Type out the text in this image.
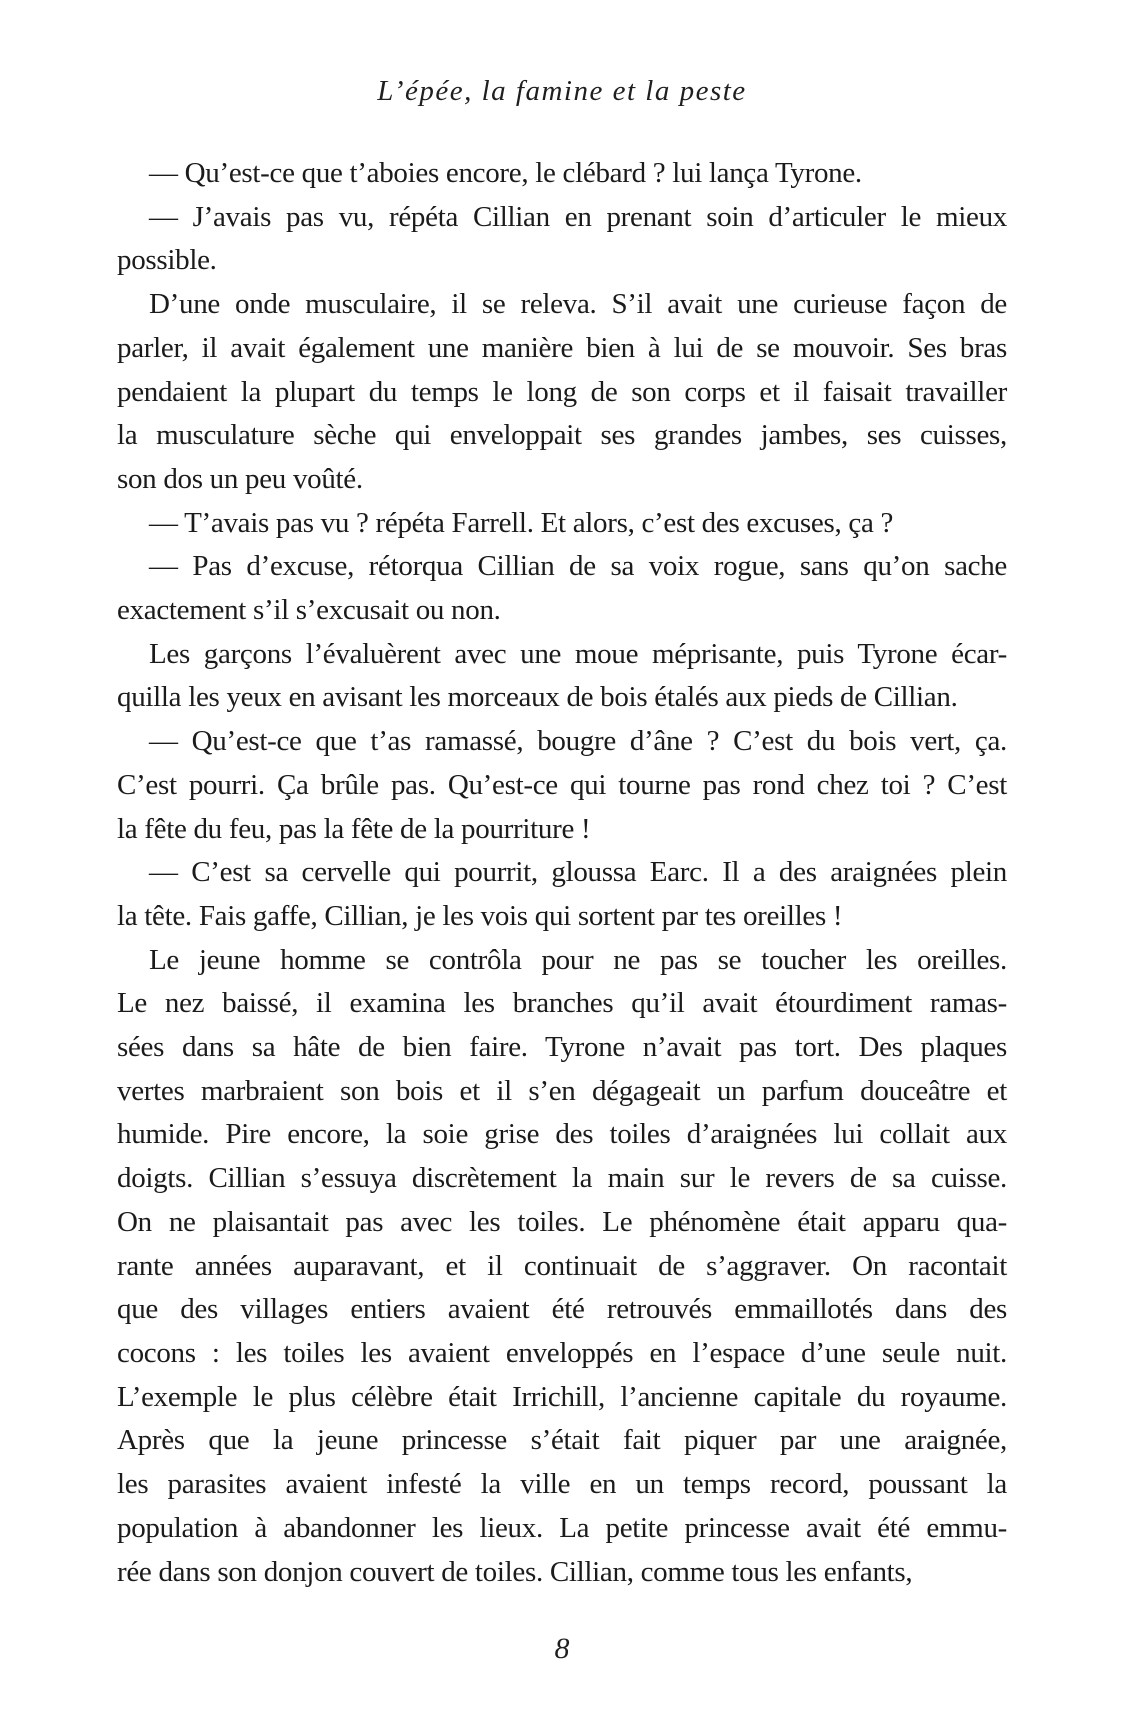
L’épée, la famine et la peste

— Qu’est-ce que t’aboies encore, le clébard ? lui lança Tyrone.

— J’avais pas vu, répéta Cillian en prenant soin d’articuler le mieux
possible.

D’une onde musculaire, il se releva. S’il avait une curieuse façon de
parler, il avait également une manière bien à lui de se mouvoir. Ses bras
pendaient la plupart du temps le long de son corps et il faisait travailler
la musculature sèche qui enveloppait ses grandes jambes, ses cuisses,
son dos un peu voûté.

— T’avais pas vu ? répéta Farrell. Et alors, c’est des excuses, ça ?

— Pas d’excuse, rétorqua Cillian de sa voix rogue, sans qu’on sache
exactement s’il s’excusait ou non.

Les garçons l’évaluèrent avec une moue méprisante, puis Tyrone écar-
quilla les yeux en avisant les morceaux de bois étalés aux pieds de Cillian.

— Qu’est-ce que t’as ramassé, bougre d’âne ? C’est du bois vert, ça.
C’est pourri. Ça brûle pas. Qu’est-ce qui tourne pas rond chez toi ? C’est
la fête du feu, pas la fête de la pourriture !

— C’est sa cervelle qui pourrit, gloussa Earc. Il a des araignées plein
la tête. Fais gaffe, Cillian, je les vois qui sortent par tes oreilles !

Le jeune homme se contrôla pour ne pas se toucher les oreilles.
Le nez baissé, il examina les branches qu’il avait étourdiment ramas-
sées dans sa hâte de bien faire. Tyrone n’avait pas tort. Des plaques
vertes marbraient son bois et il s’en dégageait un parfum douceâtre et
humide. Pire encore, la soie grise des toiles d’araignées lui collait aux
doigts. Cillian s’essuya discrètement la main sur le revers de sa cuisse.
On ne plaisantait pas avec les toiles. Le phénomène était apparu qua-
rante années auparavant, et il continuait de s’aggraver. On racontait
que des villages entiers avaient été retrouvés emmaillotés dans des
cocons : les toiles les avaient enveloppés en l’espace d’une seule nuit.
L’exemple le plus célèbre était Irrichill, l’ancienne capitale du royaume.
Après que la jeune princesse s’était fait piquer par une araignée,
les parasites avaient infesté la ville en un temps record, poussant la
population à abandonner les lieux. La petite princesse avait été emmu-
rée dans son donjon couvert de toiles. Cillian, comme tous les enfants,

8
